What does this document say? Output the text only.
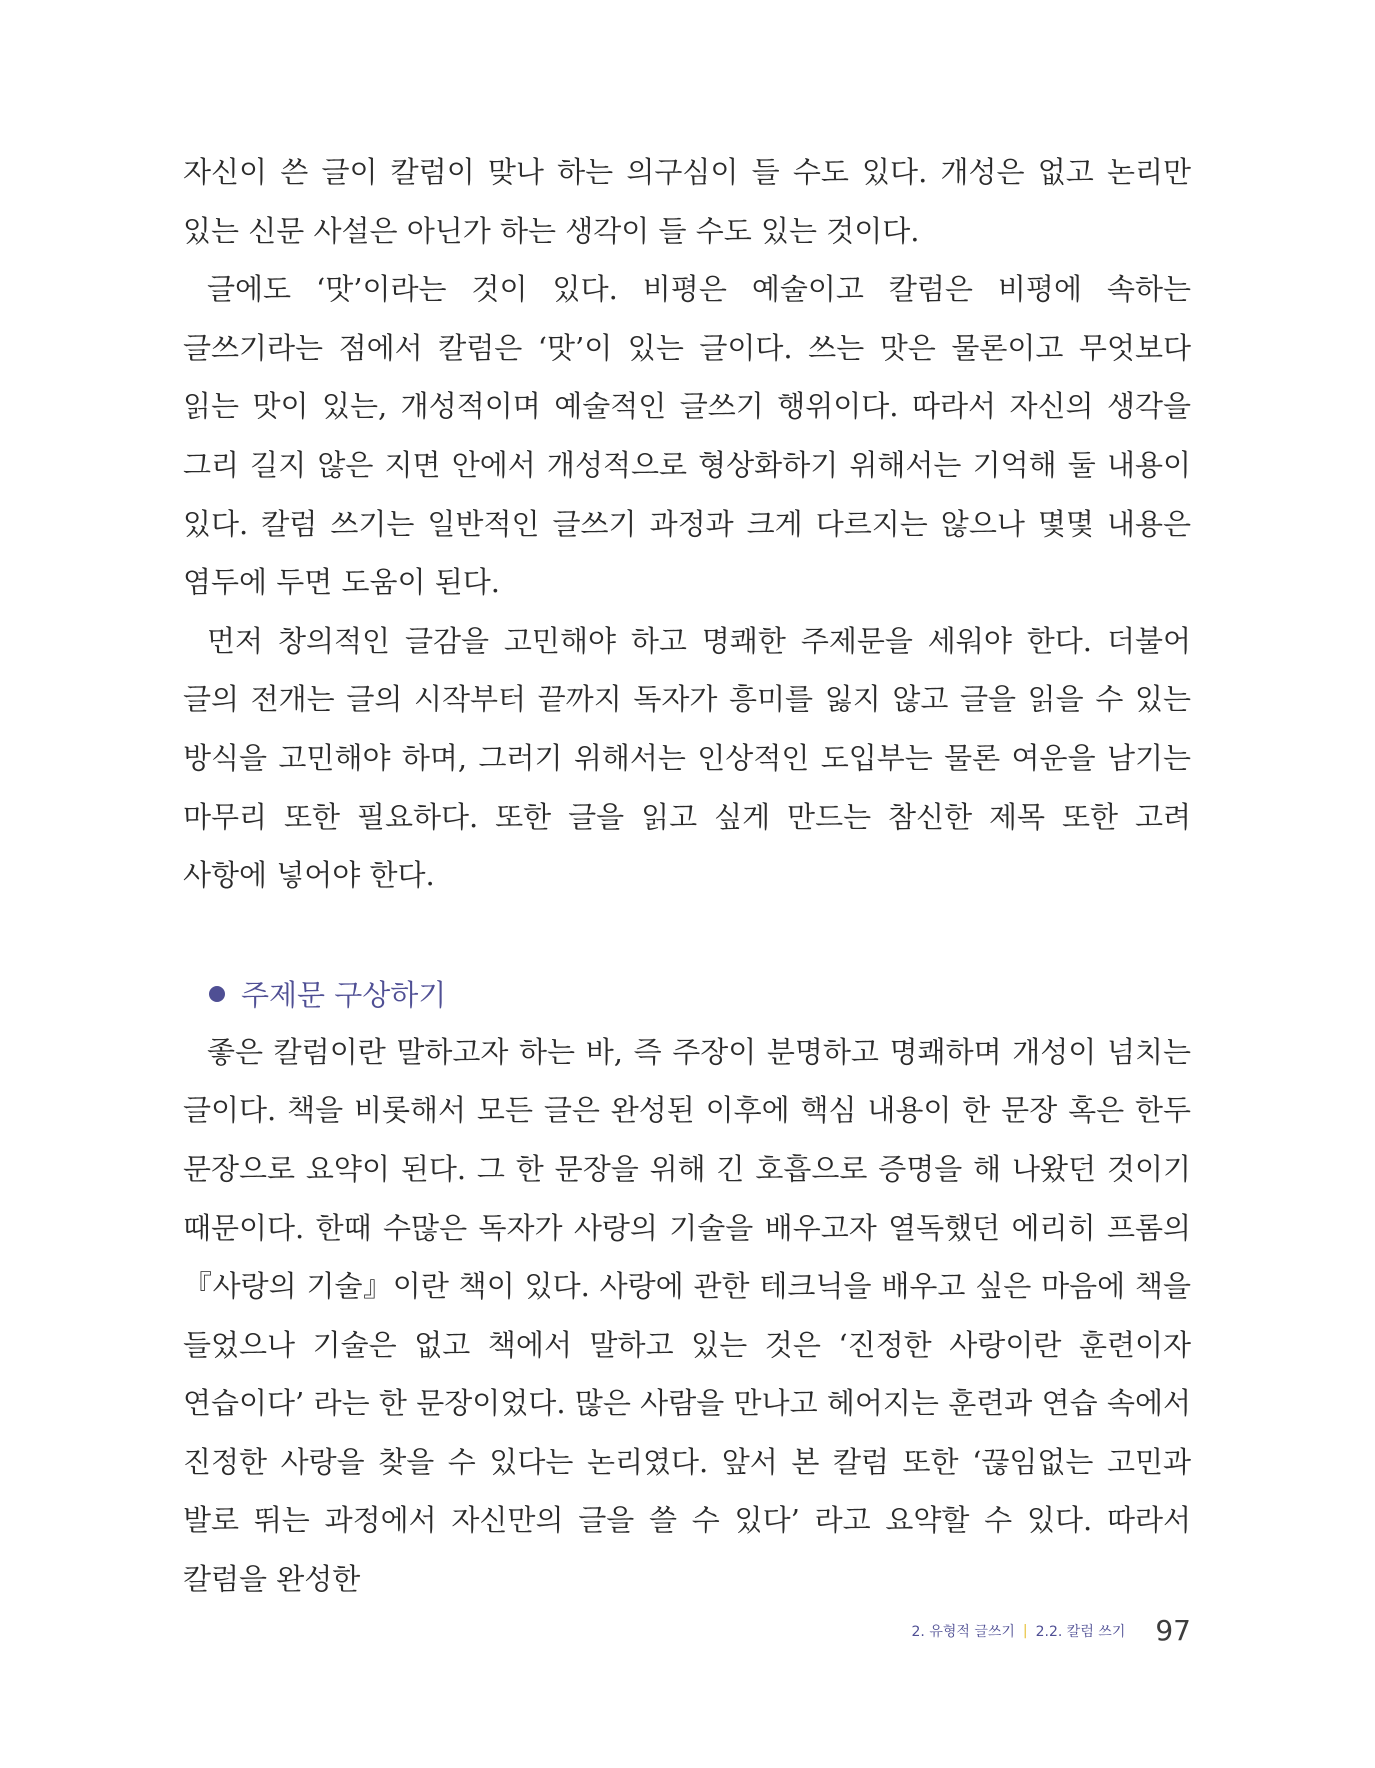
자신이 쓴 글이 칼럼이 맞나 하는 의구심이 들 수도 있다. 개성은 없고 논리만 있는 신문 사설은 아닌가 하는 생각이 들 수도 있는 것이다.

글에도 ‘맛’이라는 것이 있다. 비평은 예술이고 칼럼은 비평에 속하는 글쓰기라는 점에서 칼럼은 ‘맛’이 있는 글이다. 쓰는 맛은 물론이고 무엇보다 읽는 맛이 있는, 개성적이며 예술적인 글쓰기 행위이다. 따라서 자신의 생각을 그리 길지 않은 지면 안에서 개성적으로 형상화하기 위해서는 기억해 둘 내용이 있다. 칼럼 쓰기는 일반적인 글쓰기 과정과 크게 다르지는 않으나 몇몇 내용은 염두에 두면 도움이 된다.

먼저 창의적인 글감을 고민해야 하고 명쾌한 주제문을 세워야 한다. 더불어 글의 전개는 글의 시작부터 끝까지 독자가 흥미를 잃지 않고 글을 읽을 수 있는 방식을 고민해야 하며, 그러기 위해서는 인상적인 도입부는 물론 여운을 남기는 마무리 또한 필요하다. 또한 글을 읽고 싶게 만드는 참신한 제목 또한 고려 사항에 넣어야 한다.

주제문 구상하기

좋은 칼럼이란 말하고자 하는 바, 즉 주장이 분명하고 명쾌하며 개성이 넘치는 글이다. 책을 비롯해서 모든 글은 완성된 이후에 핵심 내용이 한 문장 혹은 한두 문장으로 요약이 된다. 그 한 문장을 위해 긴 호흡으로 증명을 해 나왔던 것이기 때문이다. 한때 수많은 독자가 사랑의 기술을 배우고자 열독했던 에리히 프롬의 『사랑의 기술』이란 책이 있다. 사랑에 관한 테크닉을 배우고 싶은 마음에 책을 들었으나 기술은 없고 책에서 말하고 있는 것은 ‘진정한 사랑이란 훈련이자 연습이다’ 라는 한 문장이었다. 많은 사람을 만나고 헤어지는 훈련과 연습 속에서 진정한 사랑을 찾을 수 있다는 논리였다. 앞서 본 칼럼 또한 ‘끊임없는 고민과 발로 뛰는 과정에서 자신만의 글을 쓸 수 있다’ 라고 요약할 수 있다. 따라서 칼럼을 완성한

2. 유형적 글쓰기 | 2.2. 칼럼 쓰기 97
